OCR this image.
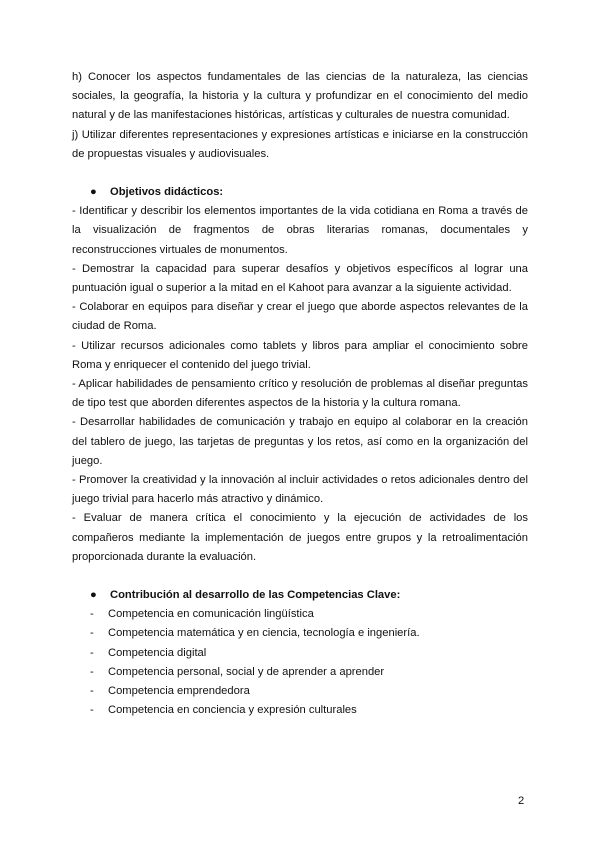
h) Conocer los aspectos fundamentales de las ciencias de la naturaleza, las ciencias sociales, la geografía, la historia y la cultura y profundizar en el conocimiento del medio natural y de las manifestaciones históricas, artísticas y culturales de nuestra comunidad.

j) Utilizar diferentes representaciones y expresiones artísticas e iniciarse en la construcción de propuestas visuales y audiovisuales.

● Objetivos didácticos:
- Identificar y describir los elementos importantes de la vida cotidiana en Roma a través de la visualización de fragmentos de obras literarias romanas, documentales y reconstrucciones virtuales de monumentos.
- Demostrar la capacidad para superar desafíos y objetivos específicos al lograr una puntuación igual o superior a la mitad en el Kahoot para avanzar a la siguiente actividad.
- Colaborar en equipos para diseñar y crear el juego que aborde aspectos relevantes de la ciudad de Roma.
- Utilizar recursos adicionales como tablets y libros para ampliar el conocimiento sobre Roma y enriquecer el contenido del juego trivial.
- Aplicar habilidades de pensamiento crítico y resolución de problemas al diseñar preguntas de tipo test que aborden diferentes aspectos de la historia y la cultura romana.
- Desarrollar habilidades de comunicación y trabajo en equipo al colaborar en la creación del tablero de juego, las tarjetas de preguntas y los retos, así como en la organización del juego.
- Promover la creatividad y la innovación al incluir actividades o retos adicionales dentro del juego trivial para hacerlo más atractivo y dinámico.
- Evaluar de manera crítica el conocimiento y la ejecución de actividades de los compañeros mediante la implementación de juegos entre grupos y la retroalimentación proporcionada durante la evaluación.
● Contribución al desarrollo de las Competencias Clave:
-	Competencia en comunicación lingüística
-	Competencia matemática y en ciencia, tecnología e ingeniería.
-	Competencia digital
-	Competencia personal, social y de aprender a aprender
-	Competencia emprendedora
-	Competencia en conciencia y expresión culturales
2
